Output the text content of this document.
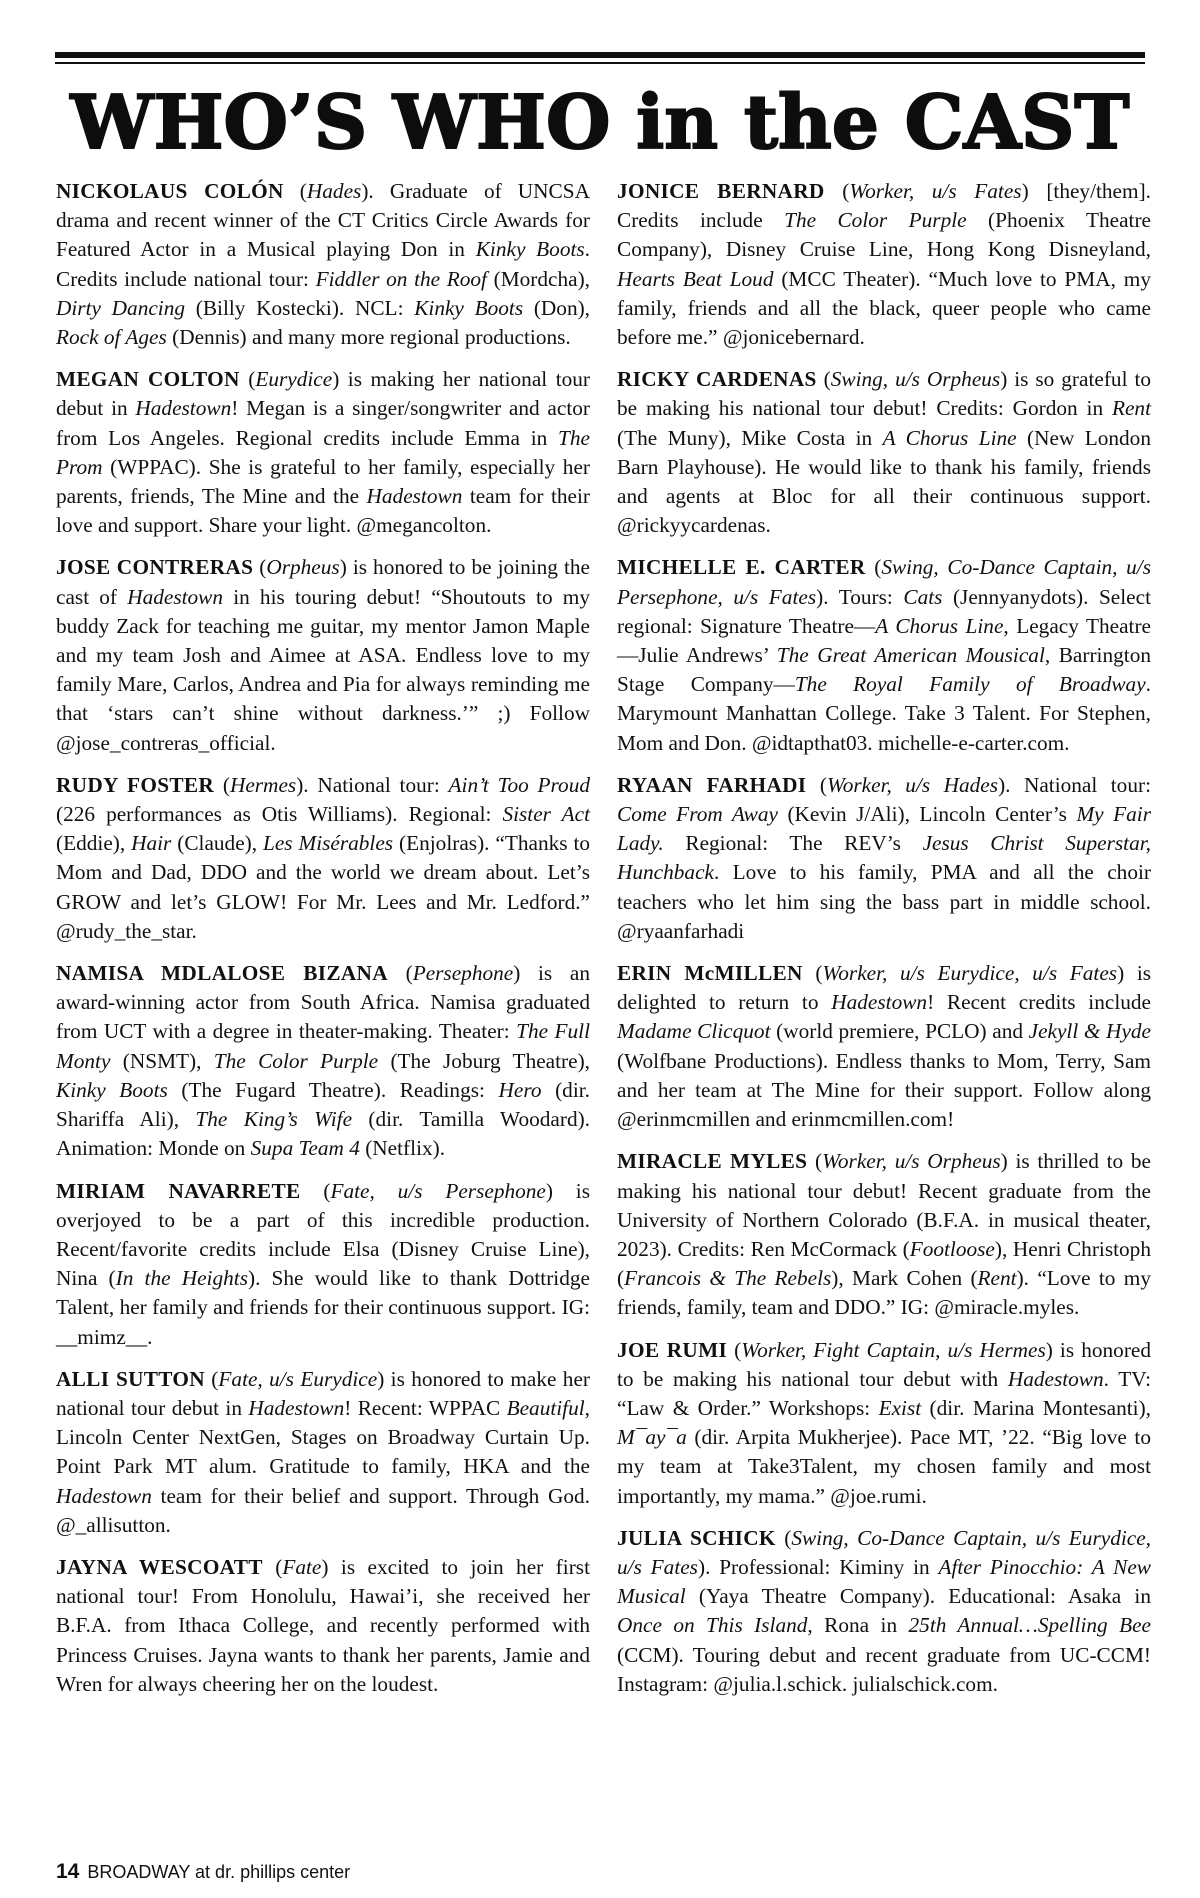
WHO’S WHO in the CAST

NICKOLAUS COLÓN (Hades). Graduate of UNCSA drama and recent winner of the CT Critics Circle Awards for Featured Actor in a Musical playing Don in Kinky Boots. Credits include national tour: Fiddler on the Roof (Mordcha), Dirty Dancing (Billy Kostecki). NCL: Kinky Boots (Don), Rock of Ages (Dennis) and many more regional productions.

MEGAN COLTON (Eurydice) is making her national tour debut in Hadestown! Megan is a singer/songwriter and actor from Los Angeles. Regional credits include Emma in The Prom (WPPAC). She is grateful to her family, especially her parents, friends, The Mine and the Hadestown team for their love and support. Share your light. @megancolton.

JOSE CONTRERAS (Orpheus) is honored to be joining the cast of Hadestown in his touring debut! “Shoutouts to my buddy Zack for teaching me guitar, my mentor Jamon Maple and my team Josh and Aimee at ASA. Endless love to my family Mare, Carlos, Andrea and Pia for always reminding me that ‘stars can’t shine without darkness.’” ;) Follow @jose_contreras_official.

RUDY FOSTER (Hermes). National tour: Ain’t Too Proud (226 performances as Otis Williams). Regional: Sister Act (Eddie), Hair (Claude), Les Misérables (Enjolras). “Thanks to Mom and Dad, DDO and the world we dream about. Let’s GROW and let’s GLOW! For Mr. Lees and Mr. Ledford.” @rudy_the_star.

NAMISA MDLALOSE BIZANA (Persephone) is an award-winning actor from South Africa. Namisa graduated from UCT with a degree in theater-making. Theater: The Full Monty (NSMT), The Color Purple (The Joburg Theatre), Kinky Boots (The Fugard Theatre). Readings: Hero (dir. Shariffa Ali), The King’s Wife (dir. Tamilla Woodard). Animation: Monde on Supa Team 4 (Netflix).

MIRIAM NAVARRETE (Fate, u/s Persephone) is overjoyed to be a part of this incredible production. Recent/favorite credits include Elsa (Disney Cruise Line), Nina (In the Heights). She would like to thank Dottridge Talent, her family and friends for their continuous support. IG: __mimz__.

ALLI SUTTON (Fate, u/s Eurydice) is honored to make her national tour debut in Hadestown! Recent: WPPAC Beautiful, Lincoln Center NextGen, Stages on Broadway Curtain Up. Point Park MT alum. Gratitude to family, HKA and the Hadestown team for their belief and support. Through God. @_allisutton.

JAYNA WESCOATT (Fate) is excited to join her first national tour! From Honolulu, Hawai’i, she received her B.F.A. from Ithaca College, and recently performed with Princess Cruises. Jayna wants to thank her parents, Jamie and Wren for always cheering her on the loudest.

JONICE BERNARD (Worker, u/s Fates) [they/them]. Credits include The Color Purple (Phoenix Theatre Company), Disney Cruise Line, Hong Kong Disneyland, Hearts Beat Loud (MCC Theater). “Much love to PMA, my family, friends and all the black, queer people who came before me.” @jonicebernard.

RICKY CARDENAS (Swing, u/s Orpheus) is so grateful to be making his national tour debut! Credits: Gordon in Rent (The Muny), Mike Costa in A Chorus Line (New London Barn Playhouse). He would like to thank his family, friends and agents at Bloc for all their continuous support. @rickyycardenas.

MICHELLE E. CARTER (Swing, Co-Dance Captain, u/s Persephone, u/s Fates). Tours: Cats (Jennyanydots). Select regional: Signature Theatre—A Chorus Line, Legacy Theatre—Julie Andrews’ The Great American Mousical, Barrington Stage Company—The Royal Family of Broadway. Marymount Manhattan College. Take 3 Talent. For Stephen, Mom and Don. @idtapthat03. michelle-e-carter.com.

RYAAN FARHADI (Worker, u/s Hades). National tour: Come From Away (Kevin J/Ali), Lincoln Center’s My Fair Lady. Regional: The REV’s Jesus Christ Superstar, Hunchback. Love to his family, PMA and all the choir teachers who let him sing the bass part in middle school. @ryaanfarhadi

ERIN McMILLEN (Worker, u/s Eurydice, u/s Fates) is delighted to return to Hadestown! Recent credits include Madame Clicquot (world premiere, PCLO) and Jekyll & Hyde (Wolfbane Productions). Endless thanks to Mom, Terry, Sam and her team at The Mine for their support. Follow along @erinmcmillen and erinmcmillen.com!

MIRACLE MYLES (Worker, u/s Orpheus) is thrilled to be making his national tour debut! Recent graduate from the University of Northern Colorado (B.F.A. in musical theater, 2023). Credits: Ren McCormack (Footloose), Henri Christoph (Francois & The Rebels), Mark Cohen (Rent). “Love to my friends, family, team and DDO.” IG: @miracle.myles.

JOE RUMI (Worker, Fight Captain, u/s Hermes) is honored to be making his national tour debut with Hadestown. TV: “Law & Order.” Workshops: Exist (dir. Marina Montesanti), M¯ay¯a (dir. Arpita Mukherjee). Pace MT, ’22. “Big love to my team at Take3Talent, my chosen family and most importantly, my mama.” @joe.rumi.

JULIA SCHICK (Swing, Co-Dance Captain, u/s Eurydice, u/s Fates). Professional: Kiminy in After Pinocchio: A New Musical (Yaya Theatre Company). Educational: Asaka in Once on This Island, Rona in 25th Annual…Spelling Bee (CCM). Touring debut and recent graduate from UC-CCM! Instagram: @julia.l.schick. julialschick.com.

14 BROADWAY at dr. phillips center
